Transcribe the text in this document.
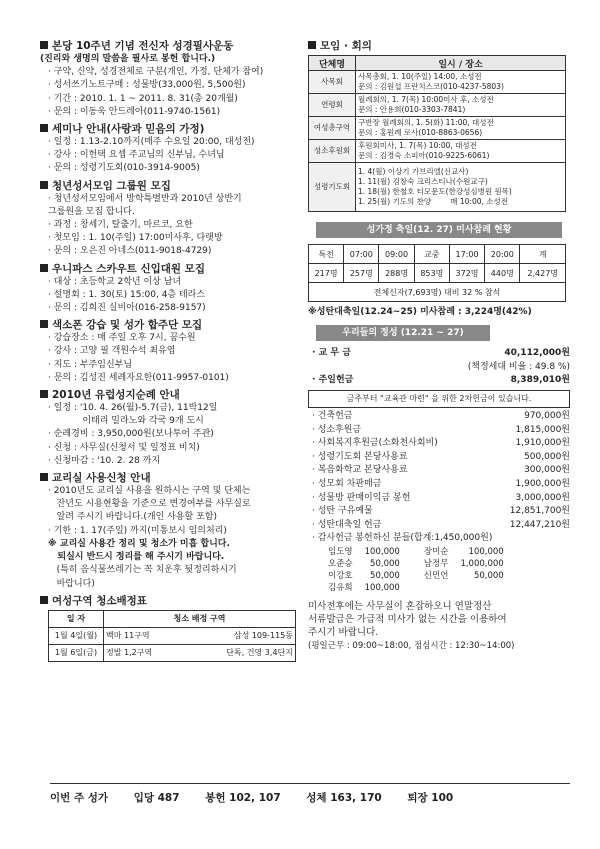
본당 10주년 기념 전신자 성경필사운동
(진리와 생명의 말씀을 필사로 봉헌 합니다.)
· 구약, 신약, 성경전체로 구분(개인, 가정, 단체가 참여)
· 성서쓰기노트구매 : 성물방(33,000원, 5,500원)
· 기간 : 2010. 1. 1 ~ 2011. 8. 31(총 20개월)
· 문의 : 이동욱 안드레아(011-9740-1561)
세미나 안내(사랑과 믿음의 가정)
· 일정 : 1.13-2.10까지(매주 수요일 20:00, 대성전)
· 강사 : 이헌택 요셉 주교님의 신부님, 수녀님
· 문의 : 성령기도회(010-3914-9005)
청년성서모임 그룹원 모집
· 청년성서모임에서 방학특별반과 2010년 상반기
그룹원을 모집 합니다.
· 과정 : 창세기, 탈출기, 마르코, 요한
· 첫모임 : 1. 10(주일) 17:00미사후, 다랫방
· 문의 : 오은진 아네스(011-9018-4729)
우니파스 스카우트 신입대원 모집
· 대상 : 초등학교 2학년 이상 남녀
· 설명회 : 1. 30(토) 15:00, 4층 테라스
· 문의 : 김희진 실비아(016-258-9157)
색소폰 강습 및 성가 합주단 모집
· 강습장소 : 매 주일 오후 7시, 꿈수원
· 강사 : 고양 필 객원수석 최유엽
· 지도 : 부주임신부님
· 문의 : 김성진 세례자요한(011-9957-0101)
2010년 유럽성지순례 안내
· 일정 : '10. 4. 26(월)-5.7(금), 11박12일
이태리 밀라노와 각국 9개 도시
· 순례경비 : 3,950,000원(보나투어 주관)
· 신청 : 사무실(신청서 및 일정표 비치)
· 신청마감 : '10. 2. 28 까지
교리실 사용신청 안내
· 2010년도 교리실 사용을 원하시는 구역 및 단체는
잔년도 시용현황을 기준으로 변경여부를 사무실로
알려 주시기 바랍니다.(개인 사용할 포함)
· 기한 : 1. 17(주일) 까지(미통보시 임의처리)
※ 교리실 사용간 정리 및 청소가 미흡 합니다.
퇴실시 반드시 정리를 해 주시기 바랍니다.
(특히 음식물쓰레기는 꼭 치운후 뒷정리하시기
바랍니다)
여성구역 청소배정표
일 자	청소 배정 구역	
1월 4일(월)	백마 11구역	삼성 109-115동
1월 6일(금)	정발 1,2구역	단독, 건영 3,4단지
모임 · 회의
단체명	일시 / 장소
사목회	사목총회, 1. 10(주일) 14:00, 소성전
문의 : 김원섭 프란치스코(010-4237-5803)

연령회	월례회의, 1. 7(목) 10:00미사 후, 소성전
문의 : 안용희(010-3303-7841)

여성총구역	구반장 월례회의, 1. 5(화) 11:00, 대성전
문의 : 홍원례 로사(010-8863-0656)

성소후원회	후원회미사, 1. 7(목) 10:00, 대성전
문의 : 김경숙 소피아(010-9225-6061)

성령기도회	1. 4(월) 이상기 가브리엘(신교사)
1. 11(월) 김창숙 크리스티나(수원교구)
1. 18(월) 한철호 티모문도(한강성심병원 원목)
1. 25(월) 기도의 찬양        매 10:00, 소성전
성가정 축일(12. 27) 미사참례 현황
특전	07:00	09:00	교중	17:00	20:00	계
217명	257명	288명	853명	372명	440명	2,427명
전체신자(7,693명) 대비 32 % 참석						
※성탄대축일(12.24~25) 미사참례 : 3,224명(42%)
우리들의 정성 (12.21 ~ 27)
· 교 무 금	40,112,000원
(책정세대 비율 : 49.8 %)
· 주일헌금	8,389,010원
금주부터 "교육관 마련" 을 위한 2차헌금이 있습니다.
· 건축헌금	970,000원
· 성소후원금	1,815,000원
· 사회복지후원금(소화천사회비)	1,910,000원
· 성령기도회 본당사용료	500,000원
· 복음화학교 본당사용료	300,000원
· 성모회 차판매금	1,900,000원
· 성물방 판매이익금 봉헌	3,000,000원
· 성탄 구유예물	12,851,700원
· 성탄대축일 헌금	12,447,210원
· 감사헌금 봉헌하신 분들(합계:1,450,000원)
임도영	100,000	장미순	100,000
오준승	50,000	남정무	1,000,000
이강호	50,000	신민언	50,000
김유희	100,000		
미사전후에는 사무실이 혼잡하오니 연말정산
서류발급은 가급적 미사가 없는 시간을 이용하여
주시기 바랍니다.
(평일근무 : 09:00~18:00, 점심시간 : 12:30~14:00)
이번 주 성가 입당 487 봉헌 102, 107 성체 163, 170 퇴장 100
